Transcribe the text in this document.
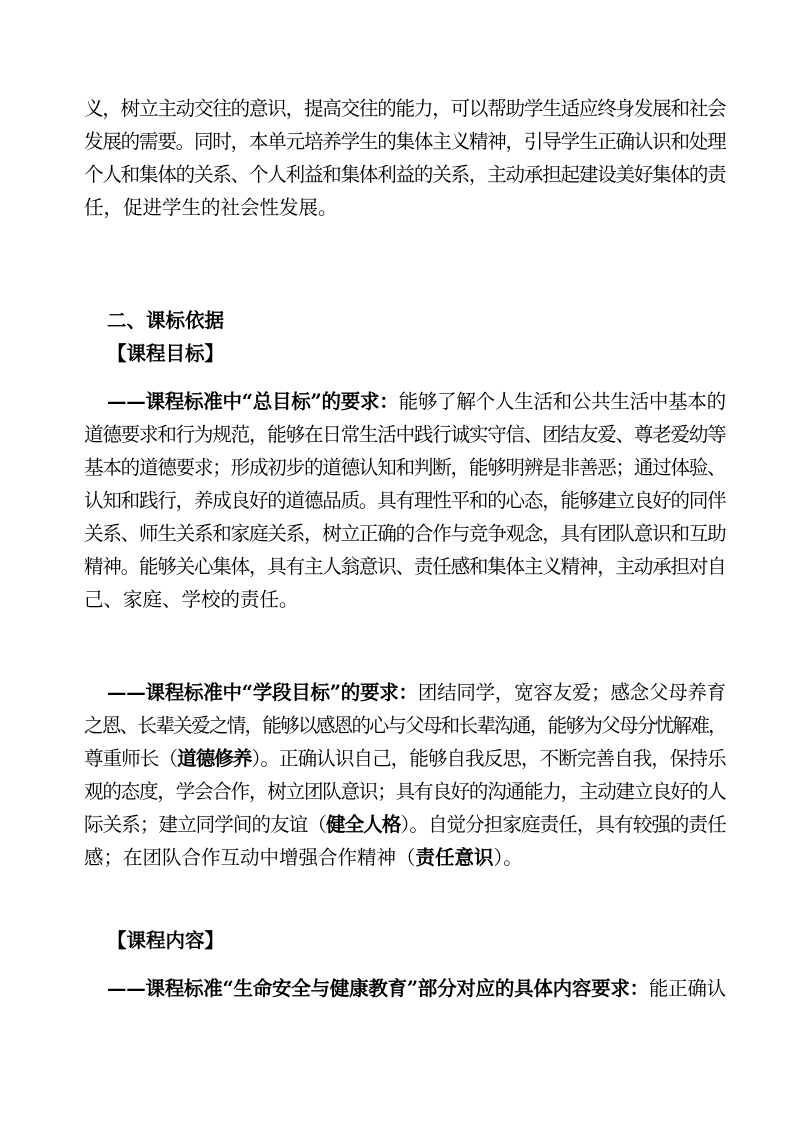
义，树立主动交往的意识，提高交往的能力，可以帮助学生适应终身发展和社会
发展的需要。同时，本单元培养学生的集体主义精神，引导学生正确认识和处理
个人和集体的关系、个人利益和集体利益的关系，主动承担起建设美好集体的责
任，促进学生的社会性发展。
二、课标依据
【课程目标】
——课程标准中“总目标”的要求：能够了解个人生活和公共生活中基本的
道德要求和行为规范，能够在日常生活中践行诚实守信、团结友爱、尊老爱幼等
基本的道德要求；形成初步的道德认知和判断，能够明辨是非善恶；通过体验、
认知和践行，养成良好的道德品质。具有理性平和的心态，能够建立良好的同伴
关系、师生关系和家庭关系，树立正确的合作与竞争观念，具有团队意识和互助
精神。能够关心集体，具有主人翁意识、责任感和集体主义精神，主动承担对自
己、家庭、学校的责任。
——课程标准中“学段目标”的要求：团结同学，宽容友爱；感念父母养育
之恩、长辈关爱之情，能够以感恩的心与父母和长辈沟通，能够为父母分忧解难，
尊重师长（道德修养）。正确认识自己，能够自我反思，不断完善自我，保持乐
观的态度，学会合作，树立团队意识；具有良好的沟通能力，主动建立良好的人
际关系；建立同学间的友谊（健全人格）。自觉分担家庭责任，具有较强的责任
感；在团队合作互动中增强合作精神（责任意识）。
【课程内容】
——课程标准“生命安全与健康教育”部分对应的具体内容要求：能正确认
